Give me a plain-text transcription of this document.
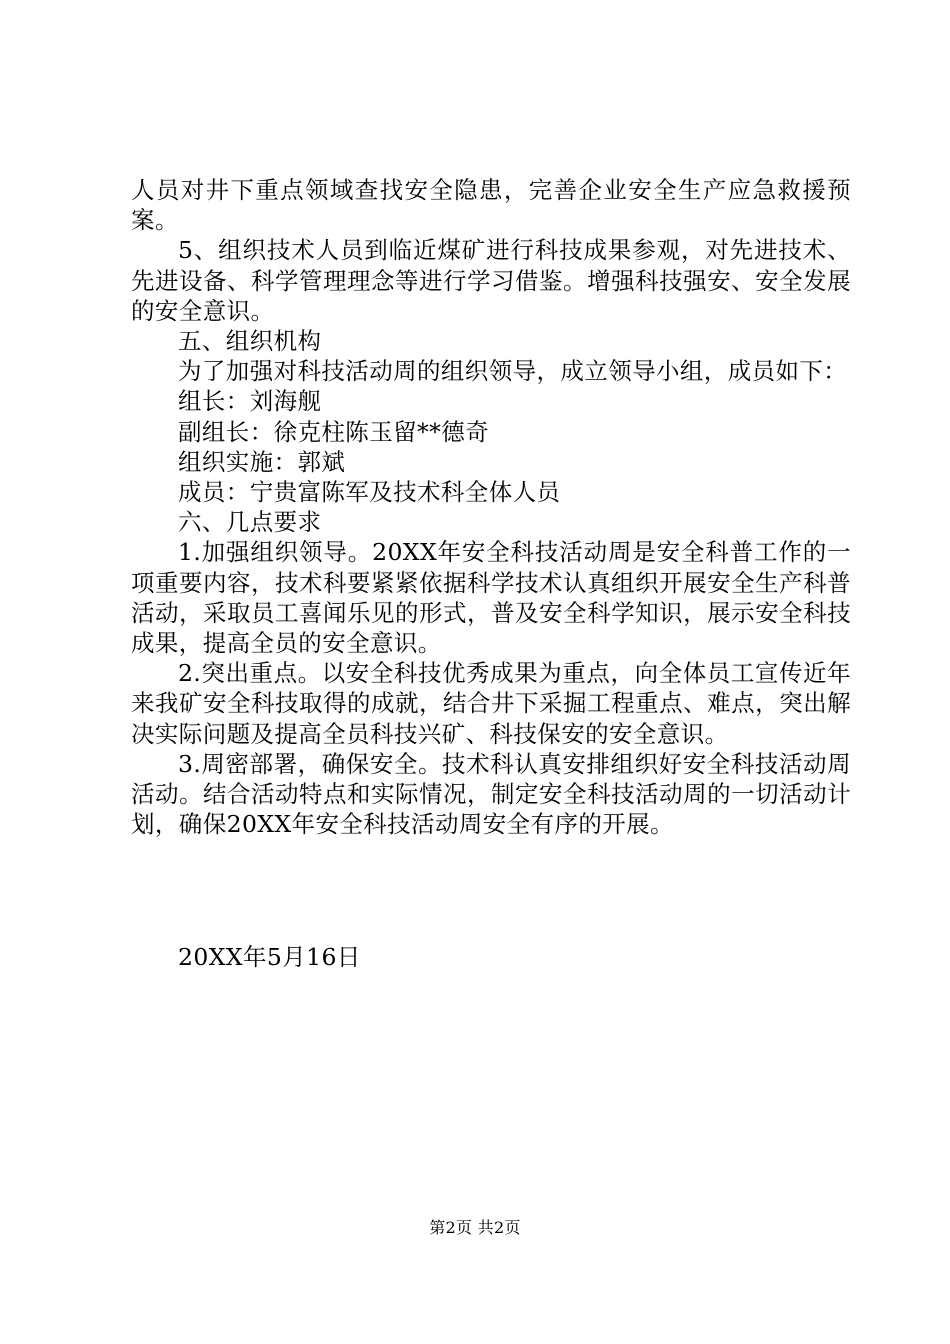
人员对井下重点领域查找安全隐患，完善企业安全生产应急救援预案。

5、组织技术人员到临近煤矿进行科技成果参观，对先进技术、先进设备、科学管理理念等进行学习借鉴。增强科技强安、安全发展的安全意识。

五、组织机构

为了加强对科技活动周的组织领导，成立领导小组，成员如下：

组长：刘海舰

副组长：徐克柱陈玉留**德奇

组织实施：郭斌

成员：宁贵富陈军及技术科全体人员

六、几点要求

1.加强组织领导。20XX年安全科技活动周是安全科普工作的一项重要内容，技术科要紧紧依据科学技术认真组织开展安全生产科普活动，采取员工喜闻乐见的形式，普及安全科学知识，展示安全科技成果，提高全员的安全意识。

2.突出重点。以安全科技优秀成果为重点，向全体员工宣传近年来我矿安全科技取得的成就，结合井下采掘工程重点、难点，突出解决实际问题及提高全员科技兴矿、科技保安的安全意识。

3.周密部署，确保安全。技术科认真安排组织好安全科技活动周活动。结合活动特点和实际情况，制定安全科技活动周的一切活动计划，确保20XX年安全科技活动周安全有序的开展。

20XX年5月16日
第2页 共2页
